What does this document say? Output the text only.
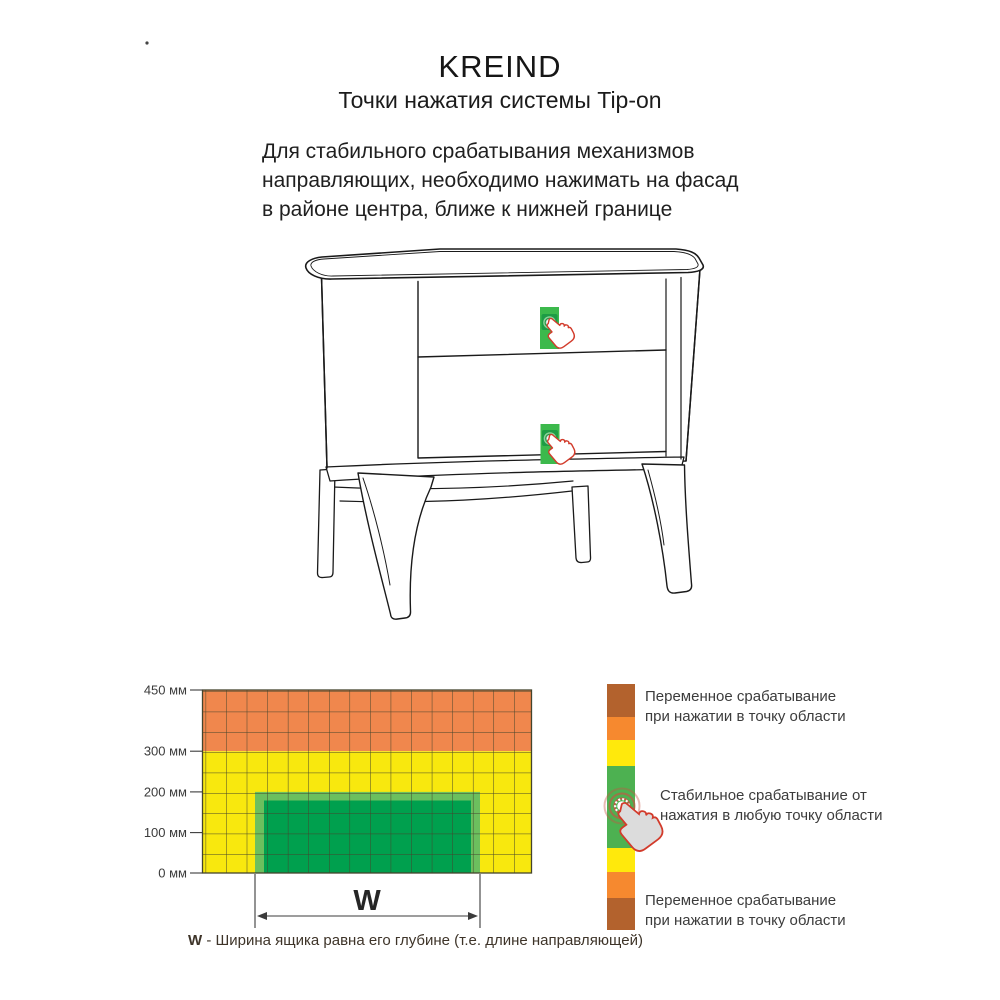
KREIND
Точки нажатия системы Tip-on
Для стабильного срабатывания механизмов
направляющих, необходимо нажимать на фасад
в районе центра, ближе к нижней границе
Переменное срабатывание
при нажатии в точку области
Стабильное срабатывание от
нажатия в любую точку области
Переменное срабатывание
при нажатии в точку области
W - Ширина ящика равна его глубине (т.е. длине направляющей)
450 мм
300 мм
200 мм
100 мм
0 мм
W
